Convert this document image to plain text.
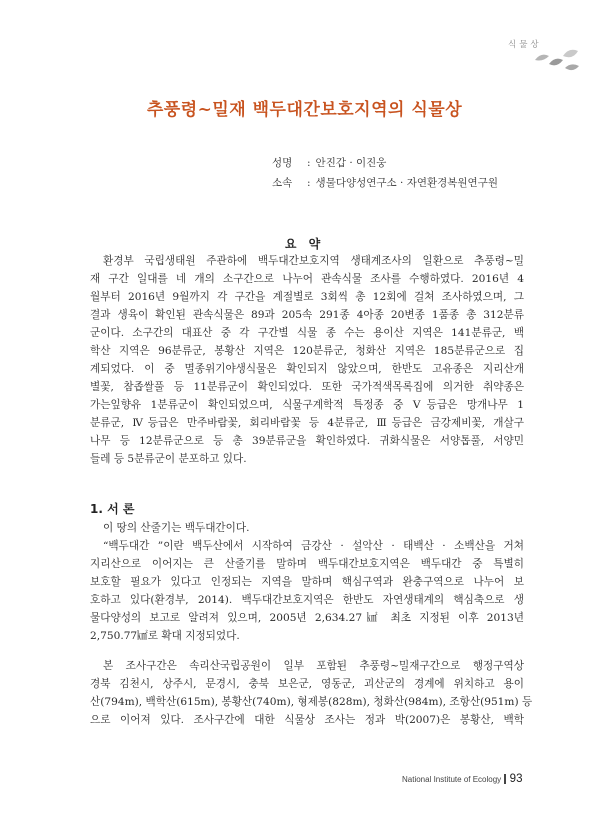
식물상
추풍령~밀재 백두대간보호지역의 식물상
성명 : 안진갑 · 이진웅
소속 : 생물다양성연구소 · 자연환경복원연구원
요 약
환경부 국립생태원 주관하에 백두대간보호지역 생태계조사의 일환으로 추풍령~밀
재 구간 일대를 네 개의 소구간으로 나누어 관속식물 조사를 수행하였다. 2016년 4
월부터 2016년 9월까지 각 구간을 계절별로 3회씩 총 12회에 걸쳐 조사하였으며, 그
결과 생육이 확인된 관속식물은 89과 205속 291종 4아종 20변종 1품종 총 312분류
군이다. 소구간의 대표산 중 각 구간별 식물 종 수는 용이산 지역은 141분류군, 백
학산 지역은 96분류군, 봉황산 지역은 120분류군, 청화산 지역은 185분류군으로 집
계되었다. 이 중 멸종위기야생식물은 확인되지 않았으며, 한반도 고유종은 지리산개
별꽃, 참좁쌀풀 등 11분류군이 확인되었다. 또한 국가적색목록집에 의거한 취약종은
가는잎향유 1분류군이 확인되었으며, 식물구계학적 특정종 중 Ⅴ등급은 망개나무 1
분류군, Ⅳ등급은 만주바람꽃, 회리바람꽃 등 4분류군, Ⅲ등급은 금강제비꽃, 개살구
나무 등 12분류군으로 등 총 39분류군을 확인하였다. 귀화식물은 서양톱풀, 서양민
들레 등 5분류군이 분포하고 있다.
1. 서 론
이 땅의 산줄기는 백두대간이다.
“백두대간 ”이란 백두산에서 시작하여 금강산 · 설악산 · 태백산 · 소백산을 거쳐
지리산으로 이어지는 큰 산줄기를 말하며 백두대간보호지역은 백두대간 중 특별히
보호할 필요가 있다고 인정되는 지역을 말하며 핵심구역과 완충구역으로 나누어 보
호하고 있다(환경부, 2014). 백두대간보호지역은 한반도 자연생태계의 핵심축으로 생
물다양성의 보고로 알려져 있으며, 2005년 2,634.27㎢ 최초 지정된 이후 2013년
2,750.77㎢로 확대 지정되었다.
본 조사구간은 속리산국립공원이 일부 포함된 추풍령~밀재구간으로 행정구역상
경북 김천시, 상주시, 문경시, 충북 보은군, 영동군, 괴산군의 경계에 위치하고 용이
산(794m), 백학산(615m), 봉황산(740m), 형제봉(828m), 청화산(984m), 조항산(951m) 등
으로 이어져 있다. 조사구간에 대한 식물상 조사는 정과 박(2007)은 봉황산, 백학
National Institute of Ecology 93
